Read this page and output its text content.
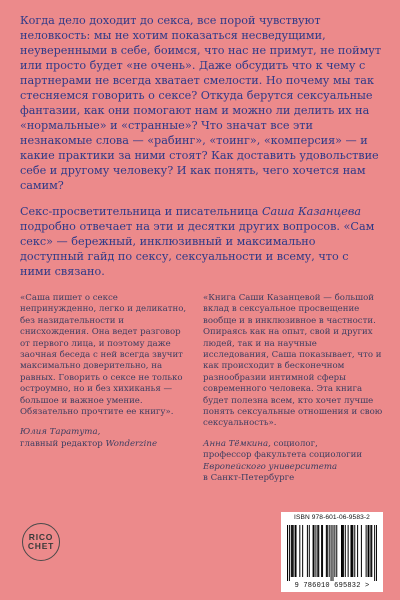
Когда дело доходит до секса, все порой чувствуют неловкость: мы не хотим показаться несведущими, неуверенными в себе, боимся, что нас не примут, не поймут или просто будет «не очень». Даже обсудить что к чему с партнерами не всегда хватает смелости. Но почему мы так стесняемся говорить о сексе? Откуда берутся сексуальные фантазии, как они помогают нам и можно ли делить их на «нормальные» и «странные»? Что значат все эти незнакомые слова — «рабинг», «тоинг», «комперсия» — и какие практики за ними стоят? Как доставить удовольствие себе и другому человеку? И как понять, чего хочется нам самим?

Секс-просветительница и писательница Саша Казанцева подробно отвечает на эти и десятки других вопросов. «Сам секс» — бережный, инклюзивный и максимально доступный гайд по сексу, сексуальности и всему, что с ними связано.

«Саша пишет о сексе непринужденно, легко и деликатно, без назидательности и снисхождения. Она ведет разговор от первого лица, и поэтому даже заочная беседа с ней всегда звучит максимально доверительно, на равных. Говорить о сексе не только остроумно, но и без хихиканья — большое и важное умение. Обязательно прочтите ее книгу».

Юлия Таратута,
главный редактор Wonderzine

«Книга Саши Казанцевой — большой вклад в сексуальное просвещение вообще и в инклюзивное в частности. Опираясь как на опыт, свой и других людей, так и на научные исследования, Саша показывает, что и как происходит в бесконечном разнообразии интимной сферы современного человека. Эта книга будет полезна всем, кто хочет лучше понять сексуальные отношения и свою сексуальность».

Анна Тёмкина, социолог,
профессор факультета социологии
Европейского университета
в Санкт-Петербурге
RICO
CHET
ISBN 978-601-06-9583-2
9 786010 695832 >
